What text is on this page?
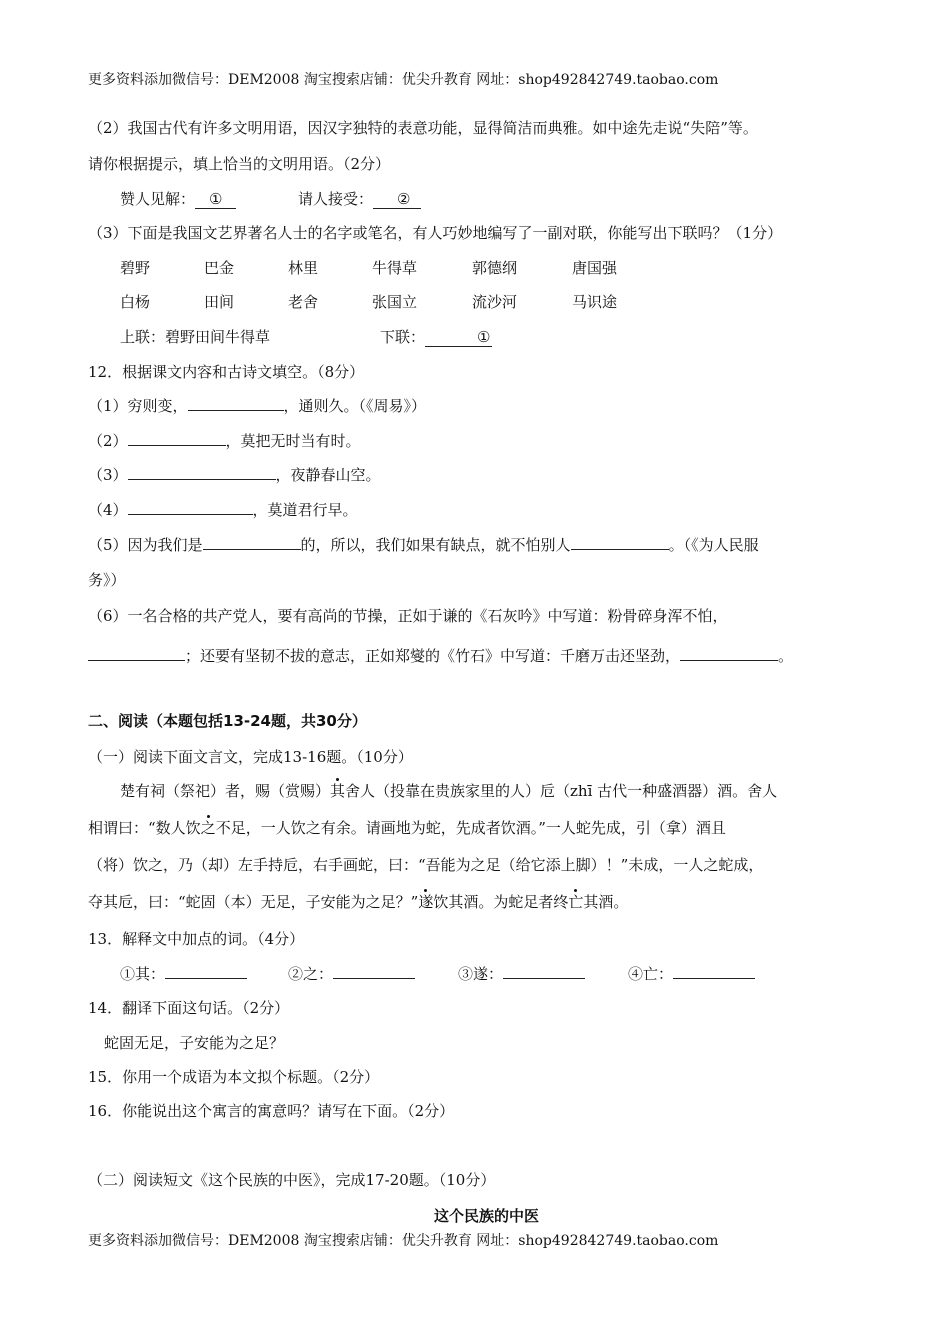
更多资料添加微信号：DEM2008 淘宝搜索店铺：优尖升教育 网址：shop492842749.taobao.com
（2）我国古代有许多文明用语，因汉字独特的表意功能，显得简洁而典雅。如中途先走说“失陪”等。
请你根据提示，填上恰当的文明用语。（2分）
赞人见解： ①	请人接受： ②
（3）下面是我国文艺界著名人士的名字或笔名，有人巧妙地编写了一副对联，你能写出下联吗？（1分）
碧野	巴金	林里	牛得草	郭德纲	唐国强
白杨	田间	老舍	张国立	流沙河	马识途
上联：碧野田间牛得草	下联：	①
12．根据课文内容和古诗文填空。（8分）
（1）穷则变，	，通则久。（《周易》）
（2）	，莫把无时当有时。
（3）	，夜静春山空。
（4）	，莫道君行早。
（5）因为我们是	的，所以，我们如果有缺点，就不怕别人	。（《为人民服
务》）
（6）一名合格的共产党人，要有高尚的节操，正如于谦的《石灰吟》中写道：粉骨碎身浑不怕，
；还要有坚韧不拔的意志，正如郑燮的《竹石》中写道：千磨万击还坚劲，	。
二、阅读（本题包括13-24题，共30分）
（一）阅读下面文言文，完成13-16题。（10分）
楚有祠（祭祀）者，赐（赏赐）其舍人（投靠在贵族家里的人）卮（zhī 古代一种盛酒器）酒。舍人
相谓曰：“数人饮之不足，一人饮之有余。请画地为蛇，先成者饮酒。”一人蛇先成，引（拿）酒且
（将）饮之，乃（却）左手持卮，右手画蛇，曰：“吾能为之足（给它添上脚）！”未成，一人之蛇成，
夺其卮，曰：“蛇固（本）无足，子安能为之足？”遂饮其酒。为蛇足者终亡其酒。
13．解释文中加点的词。（4分）
①其：	②之：	③遂：	④亡：
14．翻译下面这句话。（2分）
蛇固无足，子安能为之足？
15．你用一个成语为本文拟个标题。（2分）
16．你能说出这个寓言的寓意吗？请写在下面。（2分）
（二）阅读短文《这个民族的中医》，完成17-20题。（10分）
这个民族的中医
更多资料添加微信号：DEM2008 淘宝搜索店铺：优尖升教育 网址：shop492842749.taobao.com
